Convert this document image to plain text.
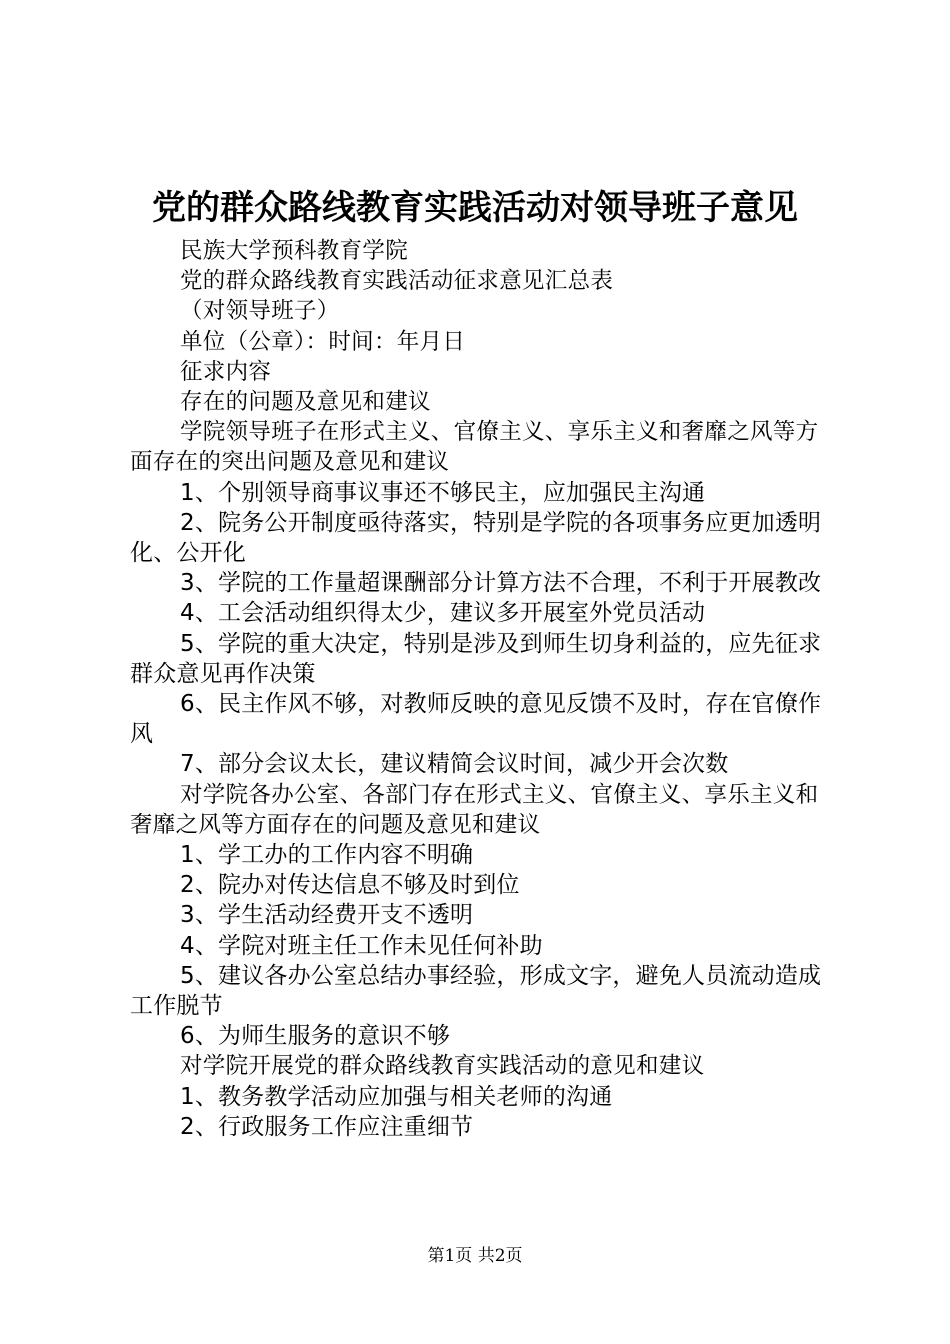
党的群众路线教育实践活动对领导班子意见

民族大学预科教育学院

党的群众路线教育实践活动征求意见汇总表

（对领导班子）

单位（公章）：时间：年月日

征求内容

存在的问题及意见和建议

学院领导班子在形式主义、官僚主义、享乐主义和奢靡之风等方面存在的突出问题及意见和建议

1、个别领导商事议事还不够民主，应加强民主沟通

2、院务公开制度亟待落实，特别是学院的各项事务应更加透明化、公开化

3、学院的工作量超课酬部分计算方法不合理，不利于开展教改

4、工会活动组织得太少，建议多开展室外党员活动

5、学院的重大决定，特别是涉及到师生切身利益的，应先征求群众意见再作决策

6、民主作风不够，对教师反映的意见反馈不及时，存在官僚作风

7、部分会议太长，建议精简会议时间，减少开会次数

对学院各办公室、各部门存在形式主义、官僚主义、享乐主义和奢靡之风等方面存在的问题及意见和建议

1、学工办的工作内容不明确

2、院办对传达信息不够及时到位

3、学生活动经费开支不透明

4、学院对班主任工作未见任何补助

5、建议各办公室总结办事经验，形成文字，避免人员流动造成工作脱节

6、为师生服务的意识不够

对学院开展党的群众路线教育实践活动的意见和建议

1、教务教学活动应加强与相关老师的沟通

2、行政服务工作应注重细节

第1页 共2页
